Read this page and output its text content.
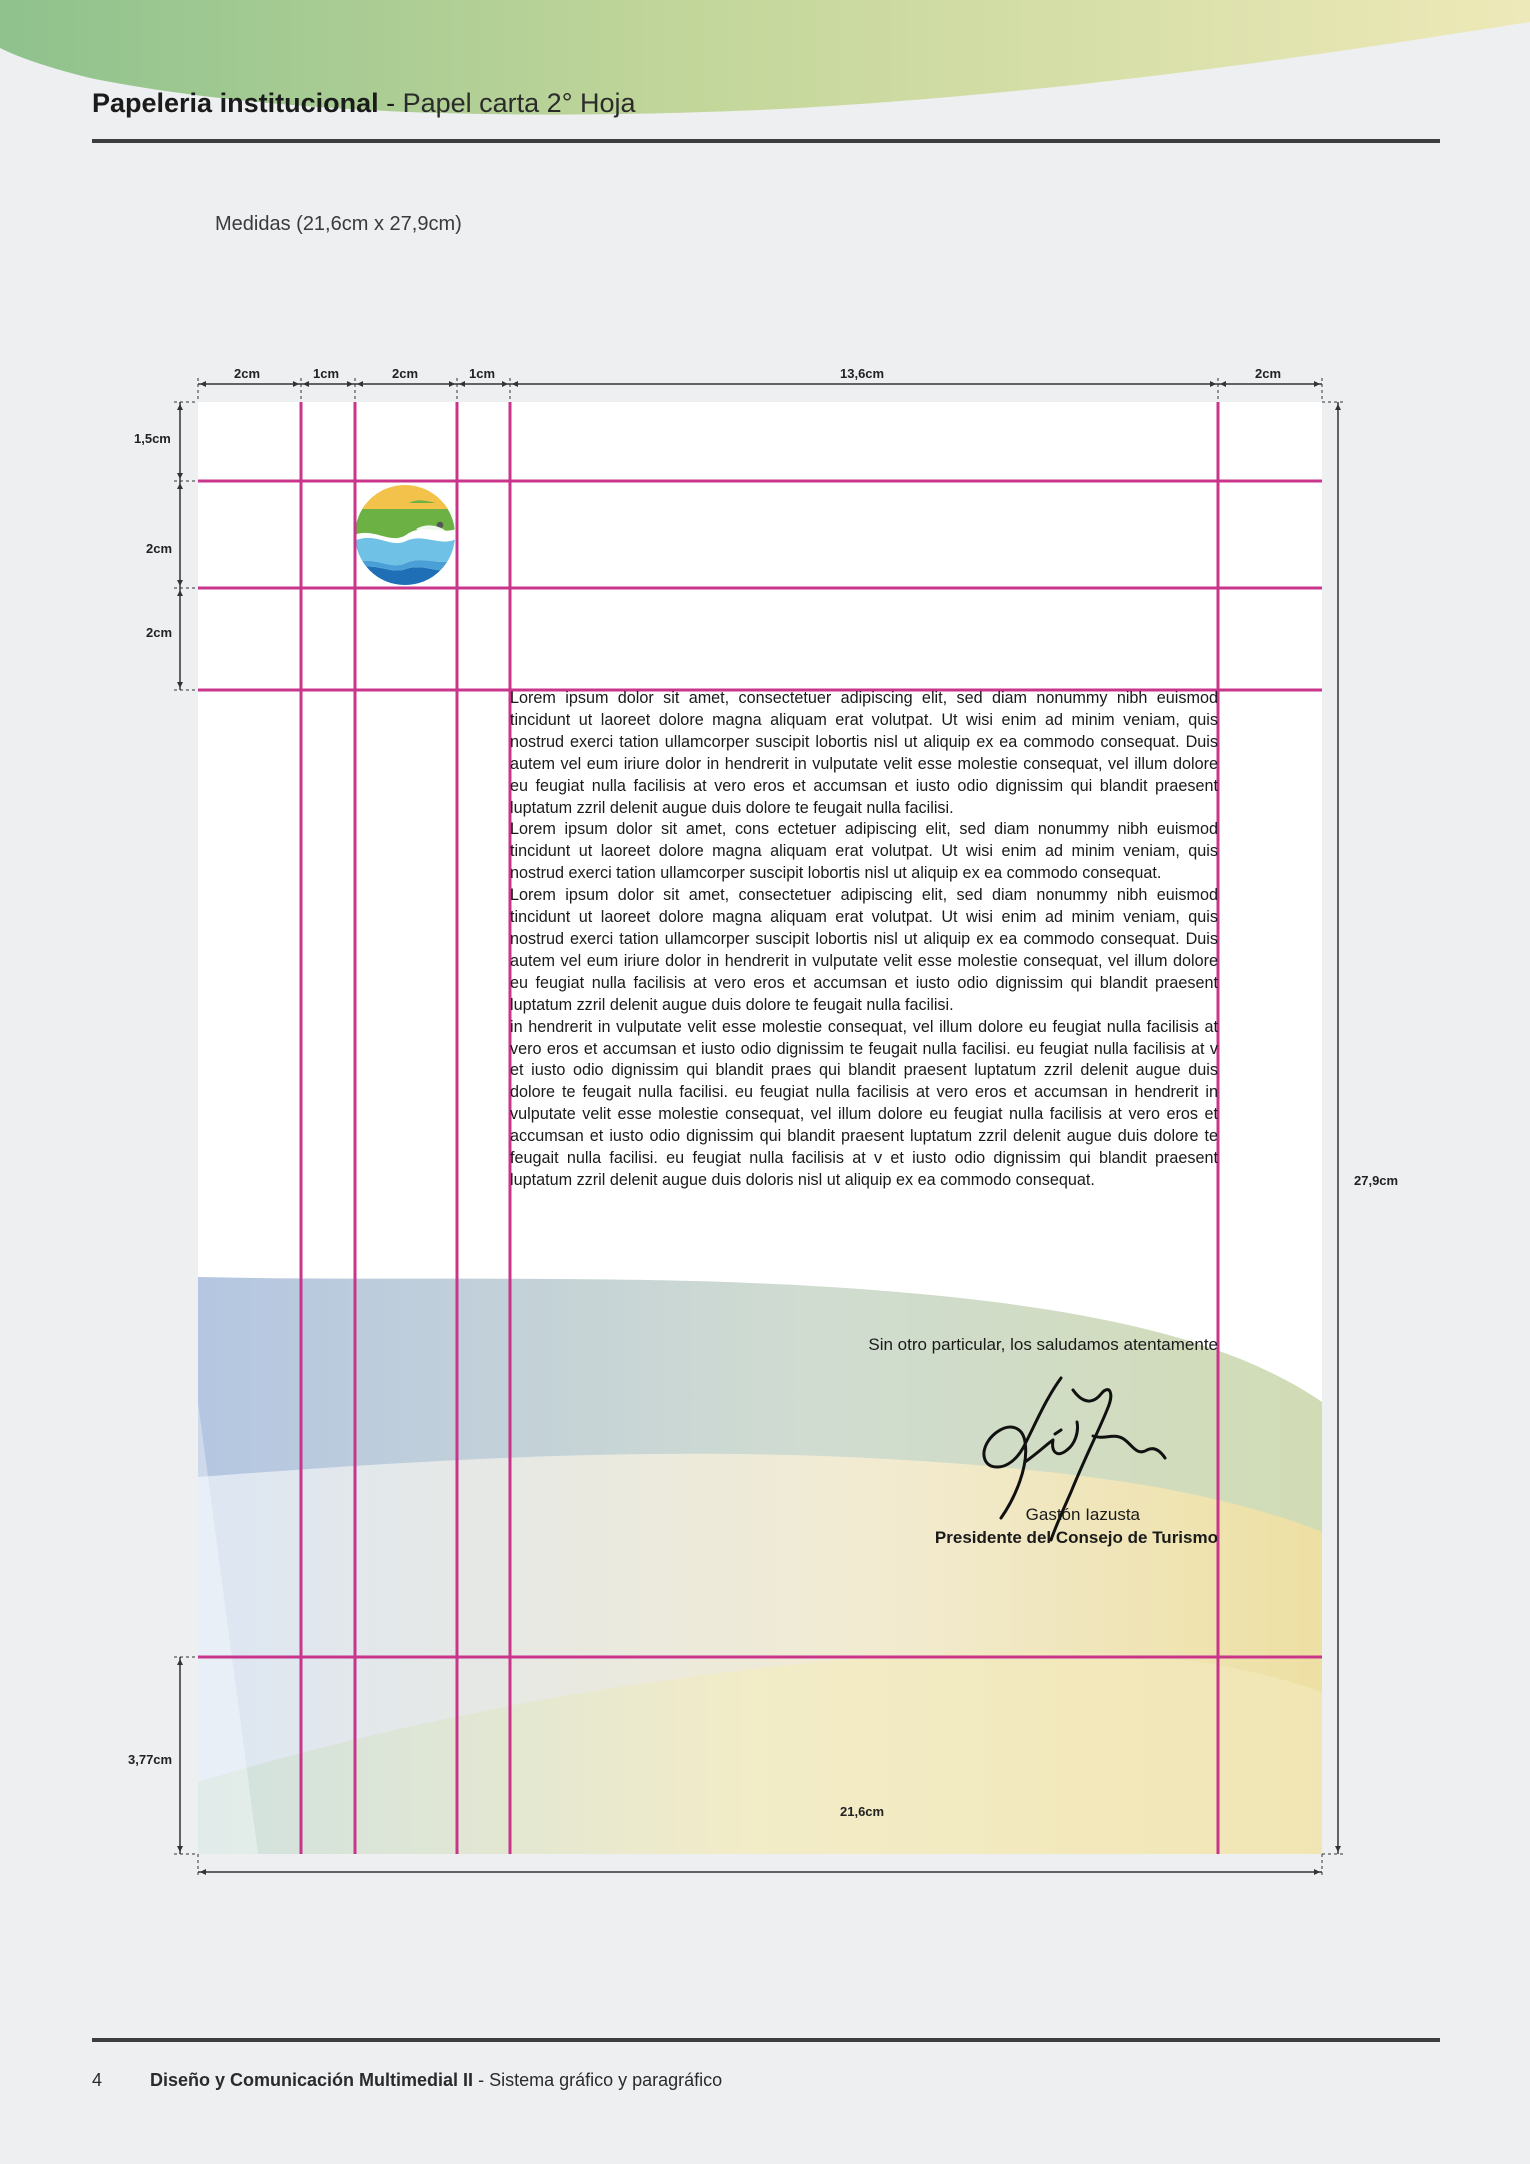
Papeleria institucional - Papel carta 2° Hoja
Medidas (21,6cm x 27,9cm)
2cm	1cm	2cm	1cm	13,6cm	2cm
1,5cm
2cm
2cm
3,77cm
27,9cm
21,6cm

Lorem ipsum dolor sit amet, consectetuer adipiscing elit, sed diam nonummy nibh euismod tincidunt ut laoreet dolore magna aliquam erat volutpat. Ut wisi enim ad minim veniam, quis nostrud exerci tation ullamcorper suscipit lobortis nisl ut aliquip ex ea commodo consequat. Duis autem vel eum iriure dolor in hendrerit in vulputate velit esse molestie consequat, vel illum dolore eu feugiat nulla facilisis at vero eros et accumsan et iusto odio dignissim qui blandit praesent luptatum zzril delenit augue duis dolore te feugait nulla facilisi.

Lorem ipsum dolor sit amet, cons ectetuer adipiscing elit, sed diam nonummy nibh euismod tincidunt ut laoreet dolore magna aliquam erat volutpat. Ut wisi enim ad minim veniam, quis nostrud exerci tation ullamcorper suscipit lobortis nisl ut aliquip ex ea commodo consequat.

Lorem ipsum dolor sit amet, consectetuer adipiscing elit, sed diam nonummy nibh euismod tincidunt ut laoreet dolore magna aliquam erat volutpat. Ut wisi enim ad minim veniam, quis nostrud exerci tation ullamcorper suscipit lobortis nisl ut aliquip ex ea commodo consequat. Duis autem vel eum iriure dolor in hendrerit in vulputate velit esse molestie consequat, vel illum dolore eu feugiat nulla facilisis at vero eros et accumsan et iusto odio dignissim qui blandit praesent luptatum zzril delenit augue duis dolore te feugait nulla facilisi.

in hendrerit in vulputate velit esse molestie consequat, vel illum dolore eu feugiat nulla facilisis at vero eros et accumsan et iusto odio dignissim te feugait nulla facilisi. eu feugiat nulla facilisis at v et iusto odio dignissim qui blandit praes qui blandit praesent luptatum zzril delenit augue duis dolore te feugait nulla facilisi. eu feugiat nulla facilisis at vero eros et accumsan in hendrerit in vulputate velit esse molestie consequat, vel illum dolore eu feugiat nulla facilisis at vero eros et accumsan et iusto odio dignissim qui blandit praesent luptatum zzril delenit augue duis dolore te feugait nulla facilisi. eu feugiat nulla facilisis at v et iusto odio dignissim qui blandit praesent luptatum zzril delenit augue duis doloris nisl ut aliquip ex ea commodo consequat.

Sin otro particular, los saludamos atentamente
Gastón Iazusta
Presidente del Consejo de Turismo
4	Diseño y Comunicación Multimedial II - Sistema gráfico y paragráfico
